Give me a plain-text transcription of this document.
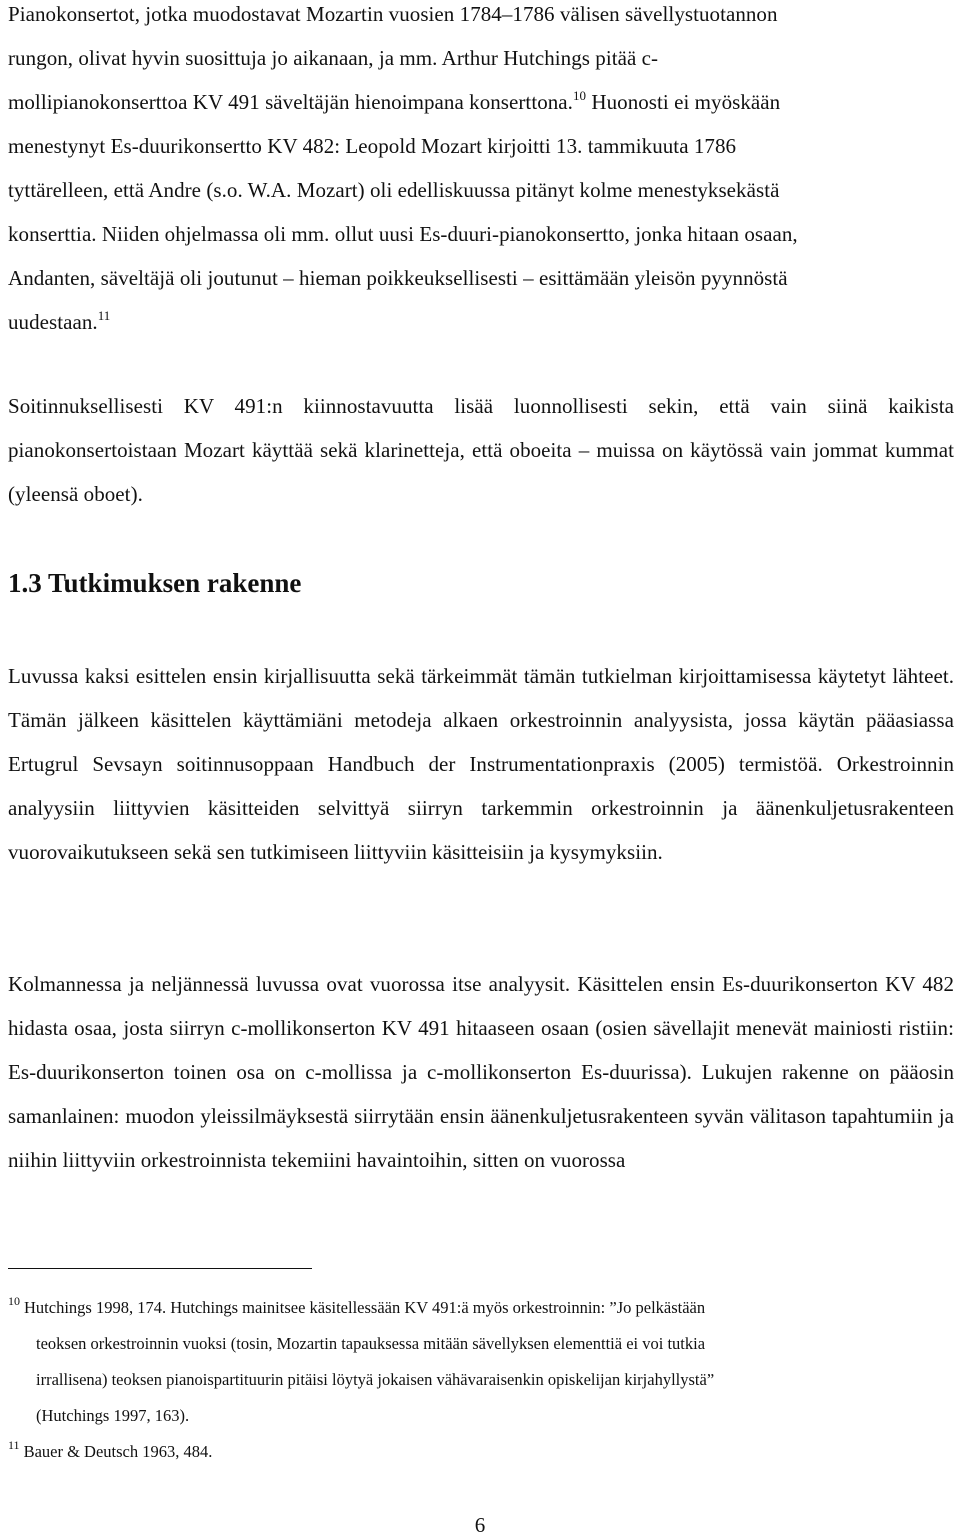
Pianokonsertot, jotka muodostavat Mozartin vuosien 1784–1786 välisen sävellystuotannon
rungon, olivat hyvin suosittuja jo aikanaan, ja mm. Arthur Hutchings pitää c-
mollipianokonserttoa KV 491 säveltäjän hienoimpana konserttona.$^{10}$ Huonosti ei myöskään
menestynyt Es-duurikonsertto KV 482: Leopold Mozart kirjoitti 13. tammikuuta 1786
tyttärelleen, että Andre (s.o. W.A. Mozart) oli edelliskuussa pitänyt kolme menestyksekästä
konserttia. Niiden ohjelmassa oli mm. ollut uusi Es-duuri-pianokonsertto, jonka hitaan osaan,
Andanten, säveltäjä oli joutunut – hieman poikkeuksellisesti – esittämään yleisön pyynnöstä
uudestaan.$^{11}$

Soitinnuksellisesti KV 491:n kiinnostavuutta lisää luonnollisesti sekin, että vain siinä kaikista pianokonsertoistaan Mozart käyttää sekä klarinetteja, että oboeita – muissa on käytössä vain jommat kummat (yleensä oboet).

1.3 Tutkimuksen rakenne

Luvussa kaksi esittelen ensin kirjallisuutta sekä tärkeimmät tämän tutkielman kirjoittamisessa käytetyt lähteet. Tämän jälkeen käsittelen käyttämiäni metodeja alkaen orkestroinnin analyysista, jossa käytän pääasiassa Ertugrul Sevsayn soitinnusoppaan Handbuch der Instrumentationpraxis (2005) termistöä. Orkestroinnin analyysiin liittyvien käsitteiden selvittyä siirryn tarkemmin orkestroinnin ja äänenkuljetusrakenteen vuorovaikutukseen sekä sen tutkimiseen liittyviin käsitteisiin ja kysymyksiin.

Kolmannessa ja neljännessä luvussa ovat vuorossa itse analyysit. Käsittelen ensin Es-duurikonserton KV 482 hidasta osaa, josta siirryn c-mollikonserton KV 491 hitaaseen osaan (osien sävellajit menevät mainiosti ristiin: Es-duurikonserton toinen osa on c-mollissa ja c-mollikonserton Es-duurissa). Lukujen rakenne on pääosin samanlainen: muodon yleissilmäyksestä siirrytään ensin äänenkuljetusrakenteen syvän välitason tapahtumiin ja niihin liittyviin orkestroinnista tekemiini havaintoihin, sitten on vuorossa

$^{10}$ Hutchings 1998, 174. Hutchings mainitsee käsitellessään KV 491:ä myös orkestroinnin: ”Jo pelkästään
teoksen orkestroinnin vuoksi (tosin, Mozartin tapauksessa mitään sävellyksen elementtiä ei voi tutkia
irrallisena) teoksen pianoispartituurin pitäisi löytyä jokaisen vähävaraisenkin opiskelijan kirjahyllystä”
(Hutchings 1997, 163).

$^{11}$ Bauer & Deutsch 1963, 484.

6
